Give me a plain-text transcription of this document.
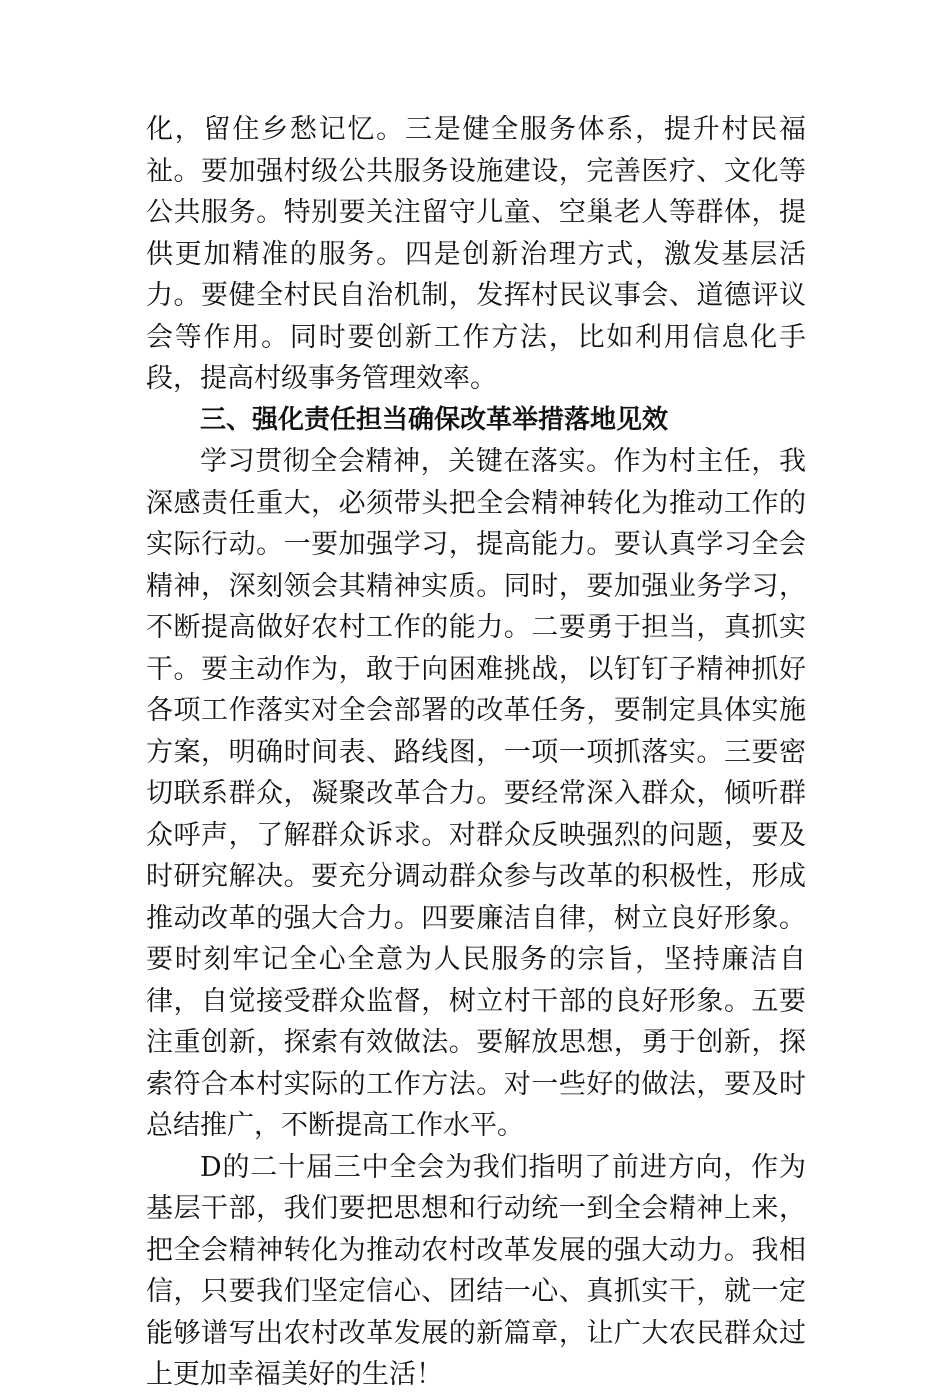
化，留住乡愁记忆。三是健全服务体系，提升村民福祉。要加强村级公共服务设施建设，完善医疗、文化等公共服务。特别要关注留守儿童、空巢老人等群体，提供更加精准的服务。四是创新治理方式，激发基层活力。要健全村民自治机制，发挥村民议事会、道德评议会等作用。同时要创新工作方法，比如利用信息化手段，提高村级事务管理效率。

三、强化责任担当确保改革举措落地见效

学习贯彻全会精神，关键在落实。作为村主任，我深感责任重大，必须带头把全会精神转化为推动工作的实际行动。一要加强学习，提高能力。要认真学习全会精神，深刻领会其精神实质。同时，要加强业务学习，不断提高做好农村工作的能力。二要勇于担当，真抓实干。要主动作为，敢于向困难挑战，以钉钉子精神抓好各项工作落实对全会部署的改革任务，要制定具体实施方案，明确时间表、路线图，一项一项抓落实。三要密切联系群众，凝聚改革合力。要经常深入群众，倾听群众呼声，了解群众诉求。对群众反映强烈的问题，要及时研究解决。要充分调动群众参与改革的积极性，形成推动改革的强大合力。四要廉洁自律，树立良好形象。要时刻牢记全心全意为人民服务的宗旨，坚持廉洁自律，自觉接受群众监督，树立村干部的良好形象。五要注重创新，探索有效做法。要解放思想，勇于创新，探索符合本村实际的工作方法。对一些好的做法，要及时总结推广，不断提高工作水平。

D的二十届三中全会为我们指明了前进方向，作为基层干部，我们要把思想和行动统一到全会精神上来，把全会精神转化为推动农村改革发展的强大动力。我相信，只要我们坚定信心、团结一心、真抓实干，就一定能够谱写出农村改革发展的新篇章，让广大农民群众过上更加幸福美好的生活！
